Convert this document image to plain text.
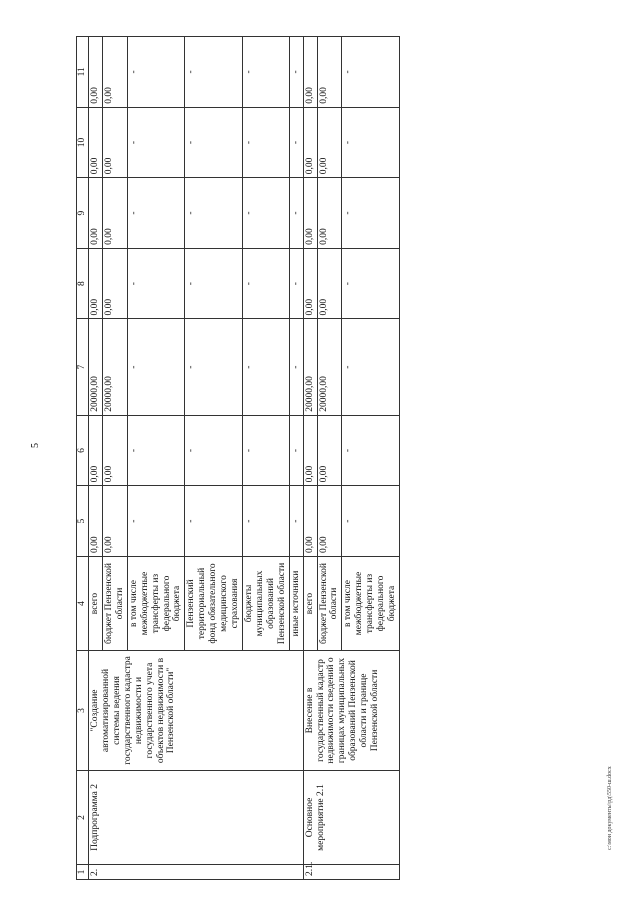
5
c:\мои документы\рд\550-ш.docx
1	2	3	4	5	6	7	8	9	10	11
2.	Подпрограмма 2	"Создание автоматизированной системы ведения государственного кадастра недвижимости и государственного учета объектов недвижимости в Пензенской области"	всего	0,00	0,00	20000,00	0,00	0,00	0,00	0,00
			бюджет Пензенской области	0,00	0,00	20000,00	0,00	0,00	0,00	0,00
			в том числе межбюджетные трансферты из федерального бюджета	-	-	-	-	-	-	-
			Пензенский территориальный фонд обязательного медицинского страхования	-	-	-	-	-	-	-
			бюджеты муниципальных образований Пензенской области	-	-	-	-	-	-	-
			иные источники	-	-	-	-	-	-	-
2.1.	Основное мероприятие 2.1	Внесение в государственный кадастр недвижимости сведений о границах муниципальных образований Пензенской области и границе Пензенской области	всего	0,00	0,00	20000,00	0,00	0,00	0,00	0,00
			бюджет Пензенской области	0,00	0,00	20000,00	0,00	0,00	0,00	0,00
			в том числе межбюджетные трансферты из федерального бюджета	-	-	-	-	-	-	-
